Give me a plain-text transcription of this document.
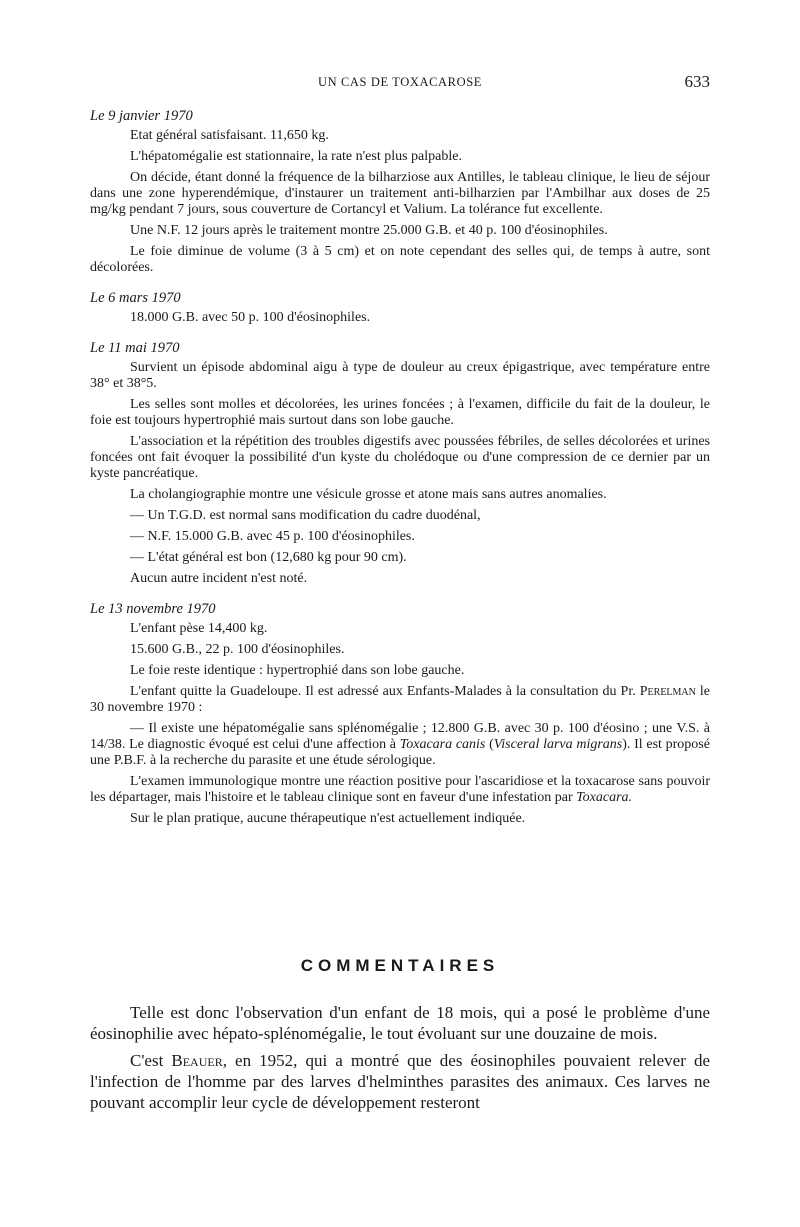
UN CAS DE TOXACAROSE	633
Le 9 janvier 1970

Etat général satisfaisant. 11,650 kg.

L'hépatomégalie est stationnaire, la rate n'est plus palpable.

On décide, étant donné la fréquence de la bilharziose aux Antilles, le tableau clinique, le lieu de séjour dans une zone hyperendémique, d'instaurer un traitement anti-bilharzien par l'Ambilhar aux doses de 25 mg/kg pendant 7 jours, sous couverture de Cortancyl et Valium. La tolérance fut excellente.

Une N.F. 12 jours après le traitement montre 25.000 G.B. et 40 p. 100 d'éosinophiles.

Le foie diminue de volume (3 à 5 cm) et on note cependant des selles qui, de temps à autre, sont décolorées.

Le 6 mars 1970

18.000 G.B. avec 50 p. 100 d'éosinophiles.

Le 11 mai 1970

Survient un épisode abdominal aigu à type de douleur au creux épigastrique, avec température entre 38° et 38°5.

Les selles sont molles et décolorées, les urines foncées ; à l'examen, difficile du fait de la douleur, le foie est toujours hypertrophié mais surtout dans son lobe gauche.

L'association et la répétition des troubles digestifs avec poussées fébriles, de selles décolorées et urines foncées ont fait évoquer la possibilité d'un kyste du cholédoque ou d'une compression de ce dernier par un kyste pancréatique.

La cholangiographie montre une vésicule grosse et atone mais sans autres anomalies.

— Un T.G.D. est normal sans modification du cadre duodénal,

— N.F. 15.000 G.B. avec 45 p. 100 d'éosinophiles.

— L'état général est bon (12,680 kg pour 90 cm).

Aucun autre incident n'est noté.

Le 13 novembre 1970

L'enfant pèse 14,400 kg.

15.600 G.B., 22 p. 100 d'éosinophiles.

Le foie reste identique : hypertrophié dans son lobe gauche.

L'enfant quitte la Guadeloupe. Il est adressé aux Enfants-Malades à la consultation du Pr. Perelman le 30 novembre 1970 :

— Il existe une hépatomégalie sans splénomégalie ; 12.800 G.B. avec 30 p. 100 d'éosino ; une V.S. à 14/38. Le diagnostic évoqué est celui d'une affection à Toxacara canis (Visceral larva migrans). Il est proposé une P.B.F. à la recherche du parasite et une étude sérologique.

L'examen immunologique montre une réaction positive pour l'ascaridiose et la toxacarose sans pouvoir les départager, mais l'histoire et le tableau clinique sont en faveur d'une infestation par Toxacara.

Sur le plan pratique, aucune thérapeutique n'est actuellement indiquée.

COMMENTAIRES

Telle est donc l'observation d'un enfant de 18 mois, qui a posé le problème d'une éosinophilie avec hépato-splénomégalie, le tout évoluant sur une douzaine de mois.

C'est Beauer, en 1952, qui a montré que des éosinophiles pouvaient relever de l'infection de l'homme par des larves d'helminthes parasites des animaux. Ces larves ne pouvant accomplir leur cycle de développement resteront
